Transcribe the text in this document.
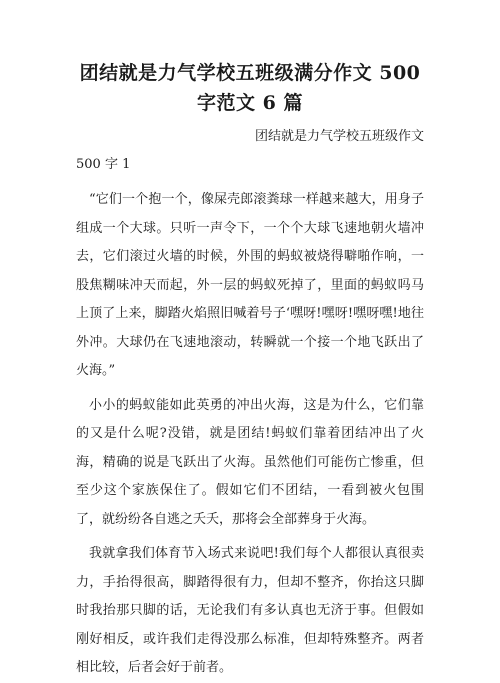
团结就是力气学校五班级满分作文 500 字范文 6 篇

团结就是力气学校五班级作文

500 字 1

“它们一个抱一个，像屎壳郎滚粪球一样越来越大，用身子组成一个大球。只听一声令下，一个个大球飞速地朝火墙冲去，它们滚过火墙的时候，外围的蚂蚁被烧得噼啪作响，一股焦糊味冲天而起，外一层的蚂蚁死掉了，里面的蚂蚁吗马上顶了上来，脚踏火焰照旧喊着号子‘嘿呀!嘿呀!嘿呀嘿!地往外冲。大球仍在飞速地滚动，转瞬就一个接一个地飞跃出了火海。”

小小的蚂蚁能如此英勇的冲出火海，这是为什么，它们靠的又是什么呢?没错，就是团结!蚂蚁们靠着团结冲出了火海，精确的说是飞跃出了火海。虽然他们可能伤亡惨重，但至少这个家族保住了。假如它们不团结，一看到被火包围了，就纷纷各自逃之夭夭，那将会全部葬身于火海。

我就拿我们体育节入场式来说吧!我们每个人都很认真很卖力，手抬得很高，脚踏得很有力，但却不整齐，你抬这只脚时我抬那只脚的话，无论我们有多认真也无济于事。但假如刚好相反，或许我们走得没那么标准，但却特殊整齐。两者相比较，后者会好于前者。
